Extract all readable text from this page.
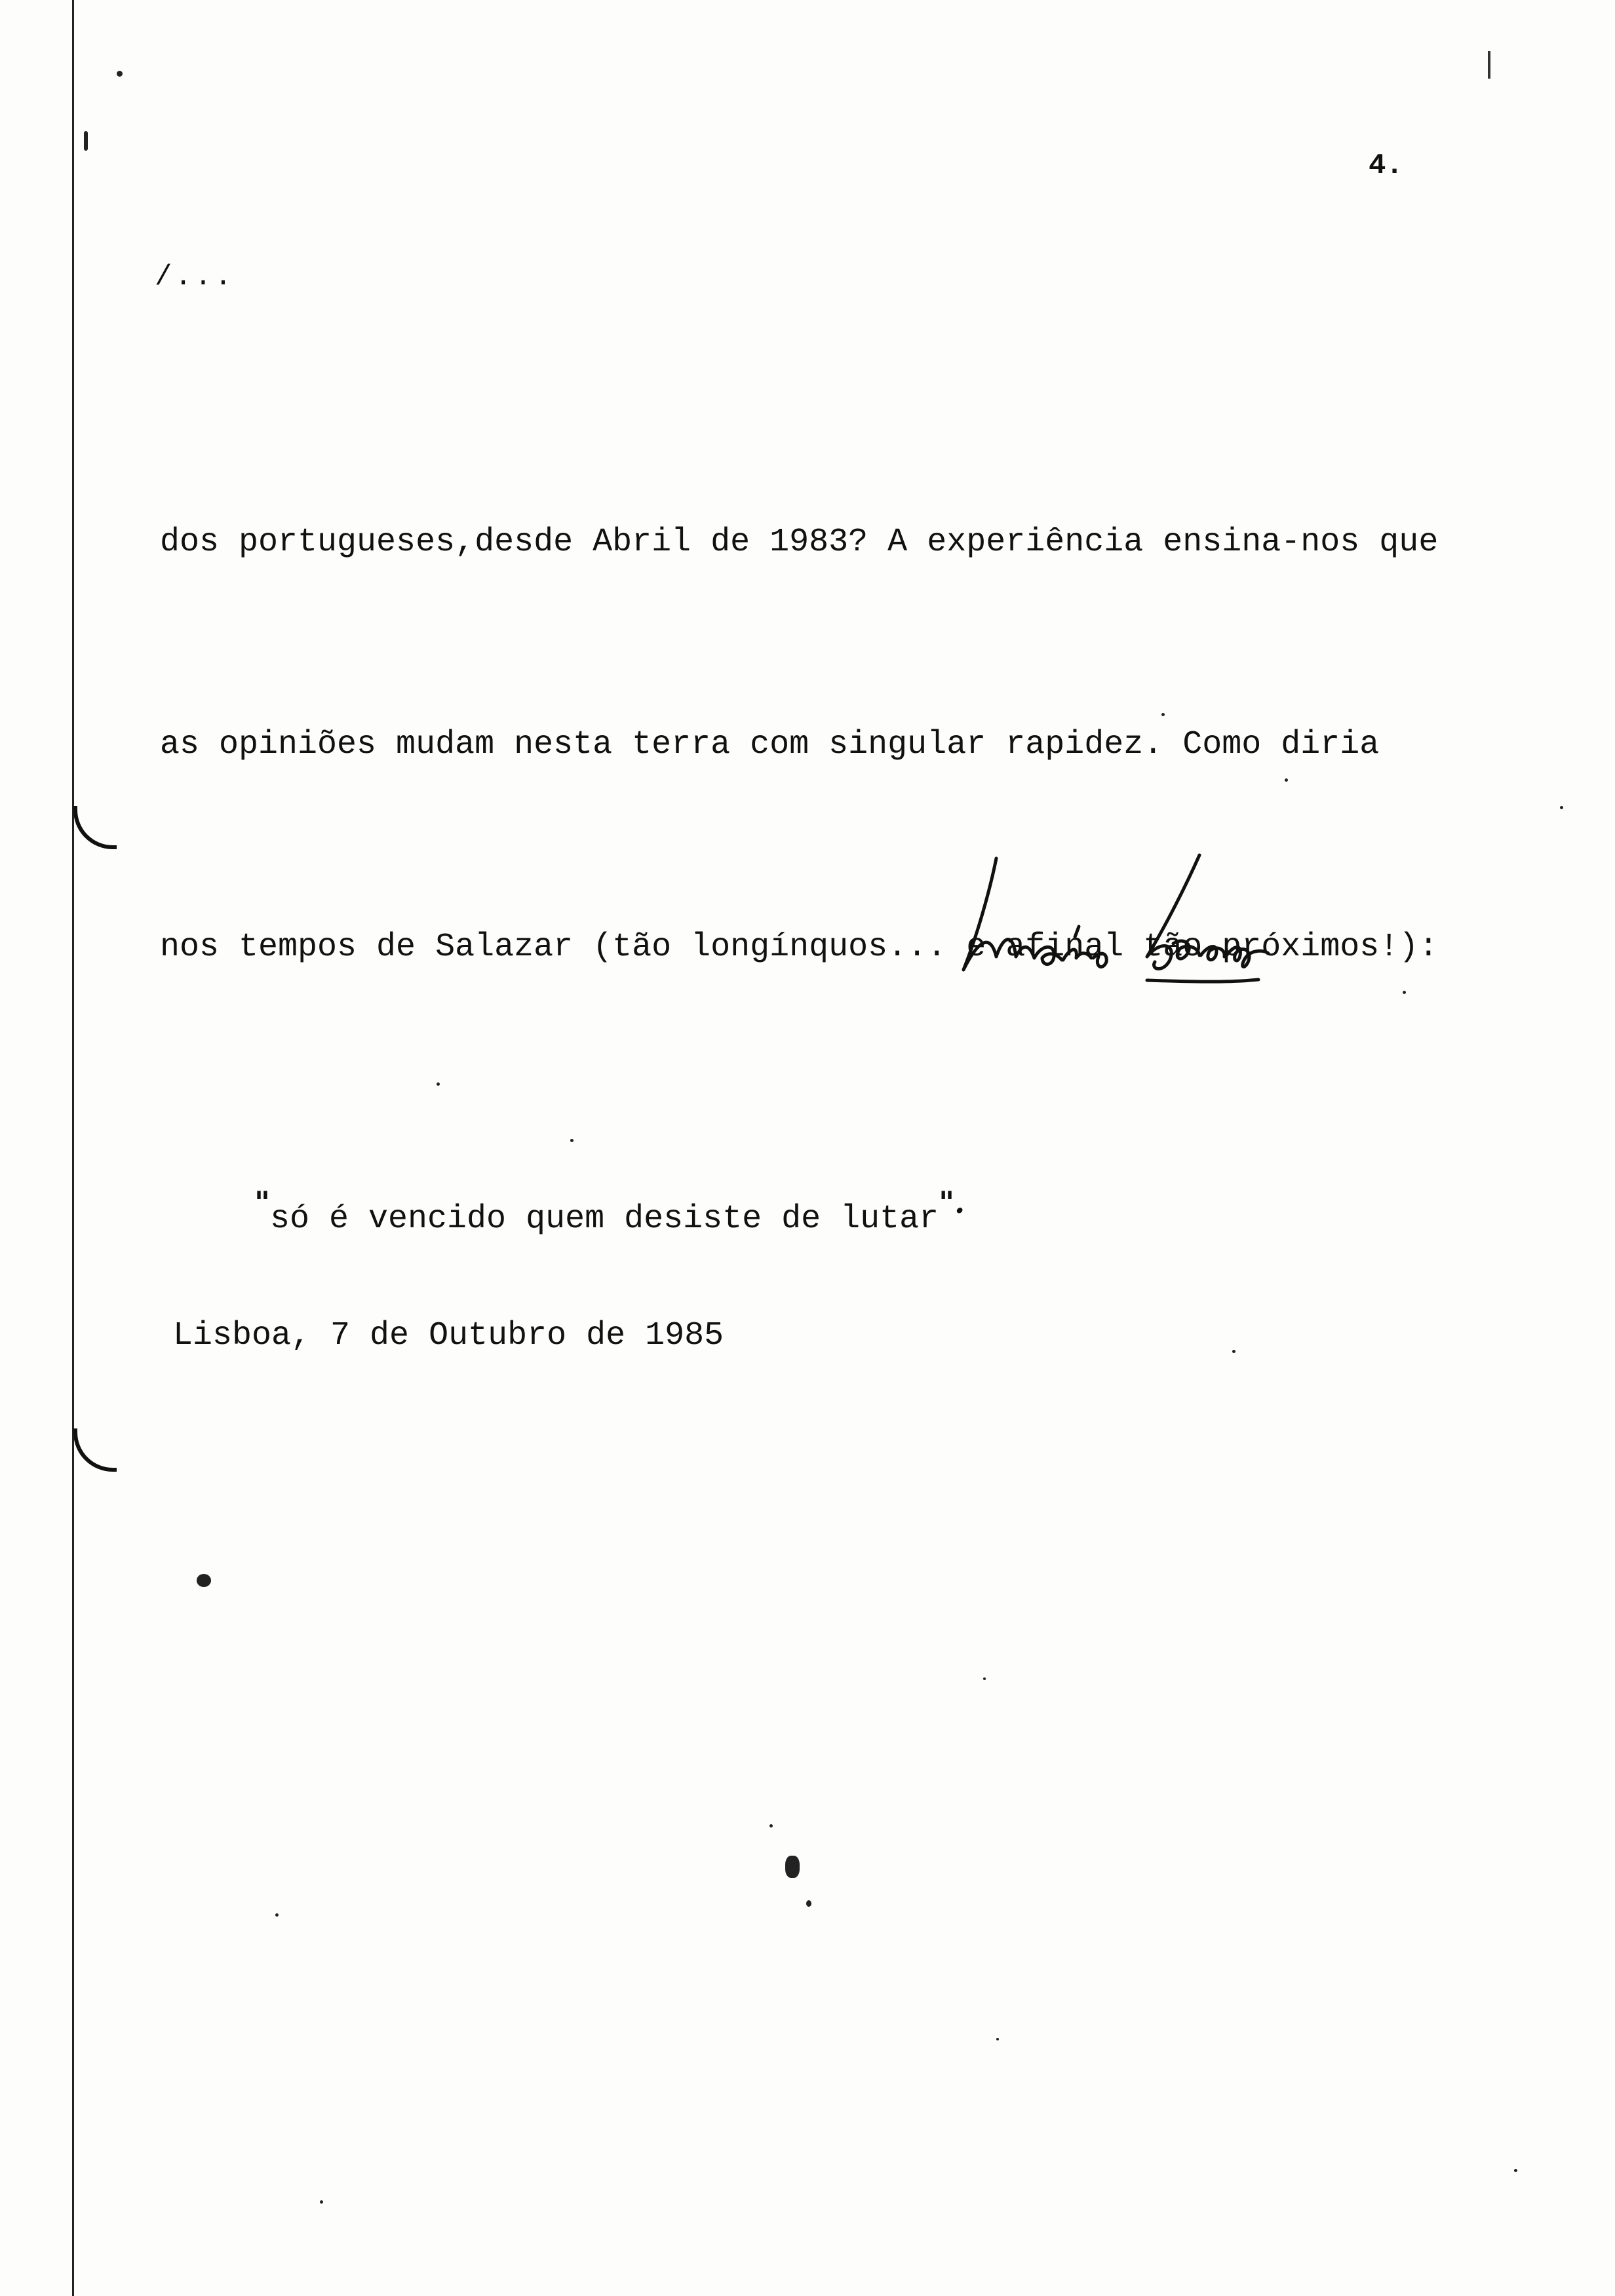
4.
/...

dos portugueses,desde Abril de 1983? A experiência ensina-nos que

as opiniões mudam nesta terra com singular rapidez. Como diria

nos tempos de Salazar (tão longínquos... e afinal tão próximos!):

"só é vencido quem desiste de lutar".

Lisboa, 7 de Outubro de 1985
